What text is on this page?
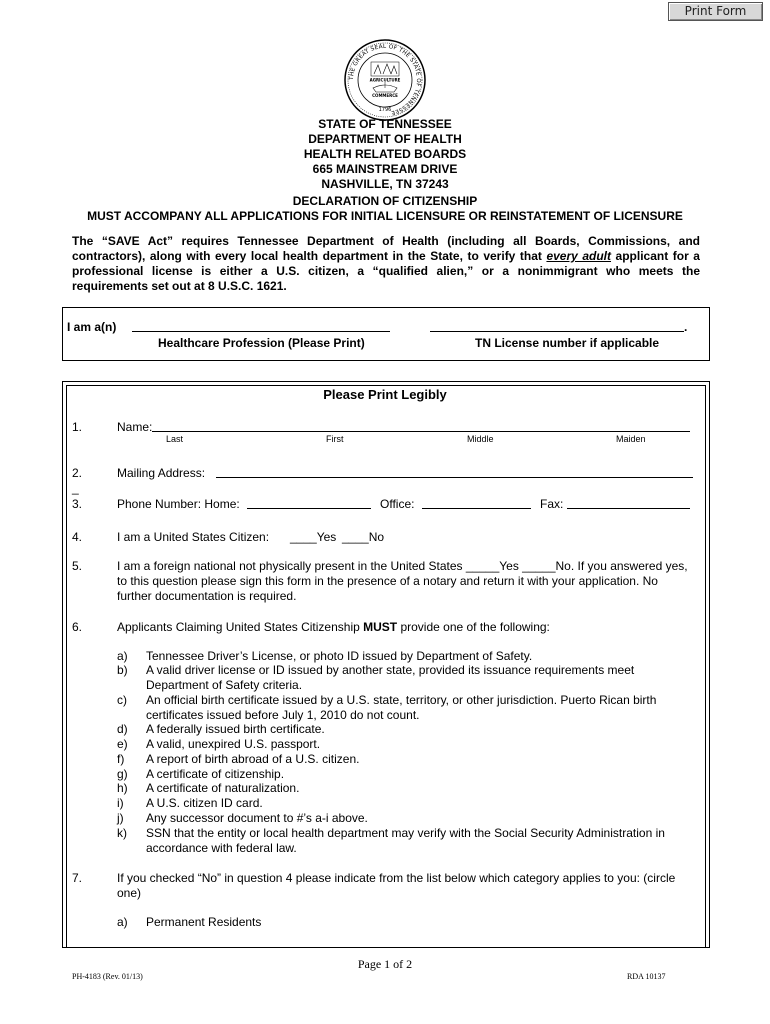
Print Form
THE GREAT SEAL OF THE STATE OF TENNESSEE
AGRICULTURE
COMMERCE
1796
STATE OF TENNESSEE
DEPARTMENT OF HEALTH
HEALTH RELATED BOARDS
665 MAINSTREAM DRIVE
NASHVILLE, TN 37243
DECLARATION OF CITIZENSHIP
MUST ACCOMPANY ALL APPLICATIONS FOR INITIAL LICENSURE OR REINSTATEMENT OF LICENSURE
The “SAVE Act” requires Tennessee Department of Health (including all Boards, Commissions, and contractors), along with every local health department in the State, to verify that every adult applicant for a professional license is either a U.S. citizen, a “qualified alien,” or a nonimmigrant who meets the requirements set out at 8 U.S.C. 1621.
I am a(n)	.
Healthcare Profession (Please Print)	TN License number if applicable
Please Print Legibly
1.	Name:
Last	First	Middle	Maiden
2.	Mailing Address:
_
3.	Phone Number: Home:	Office:	Fax:
4.	I am a United States Citizen: ____Yes ____No
5.	I am a foreign national not physically present in the United States _____Yes _____No. If you answered yes,
to this question please sign this form in the presence of a notary and return it with your application. No
further documentation is required.
6.	Applicants Claiming United States Citizenship MUST provide one of the following:
a)	Tennessee Driver’s License, or photo ID issued by Department of Safety.
b)	A valid driver license or ID issued by another state, provided its issuance requirements meet Department of Safety criteria.
c)	An official birth certificate issued by a U.S. state, territory, or other jurisdiction. Puerto Rican birth certificates issued before July 1, 2010 do not count.
d)	A federally issued birth certificate.
e)	A valid, unexpired U.S. passport.
f)	A report of birth abroad of a U.S. citizen.
g)	A certificate of citizenship.
h)	A certificate of naturalization.
i)	A U.S. citizen ID card.
j)	Any successor document to #’s a-i above.
k)	SSN that the entity or local health department may verify with the Social Security Administration in accordance with federal law.
7.	If you checked “No” in question 4 please indicate from the list below which category applies to you: (circle
one)
a)	Permanent Residents
Page 1 of 2
PH-4183 (Rev. 01/13)	RDA 10137
